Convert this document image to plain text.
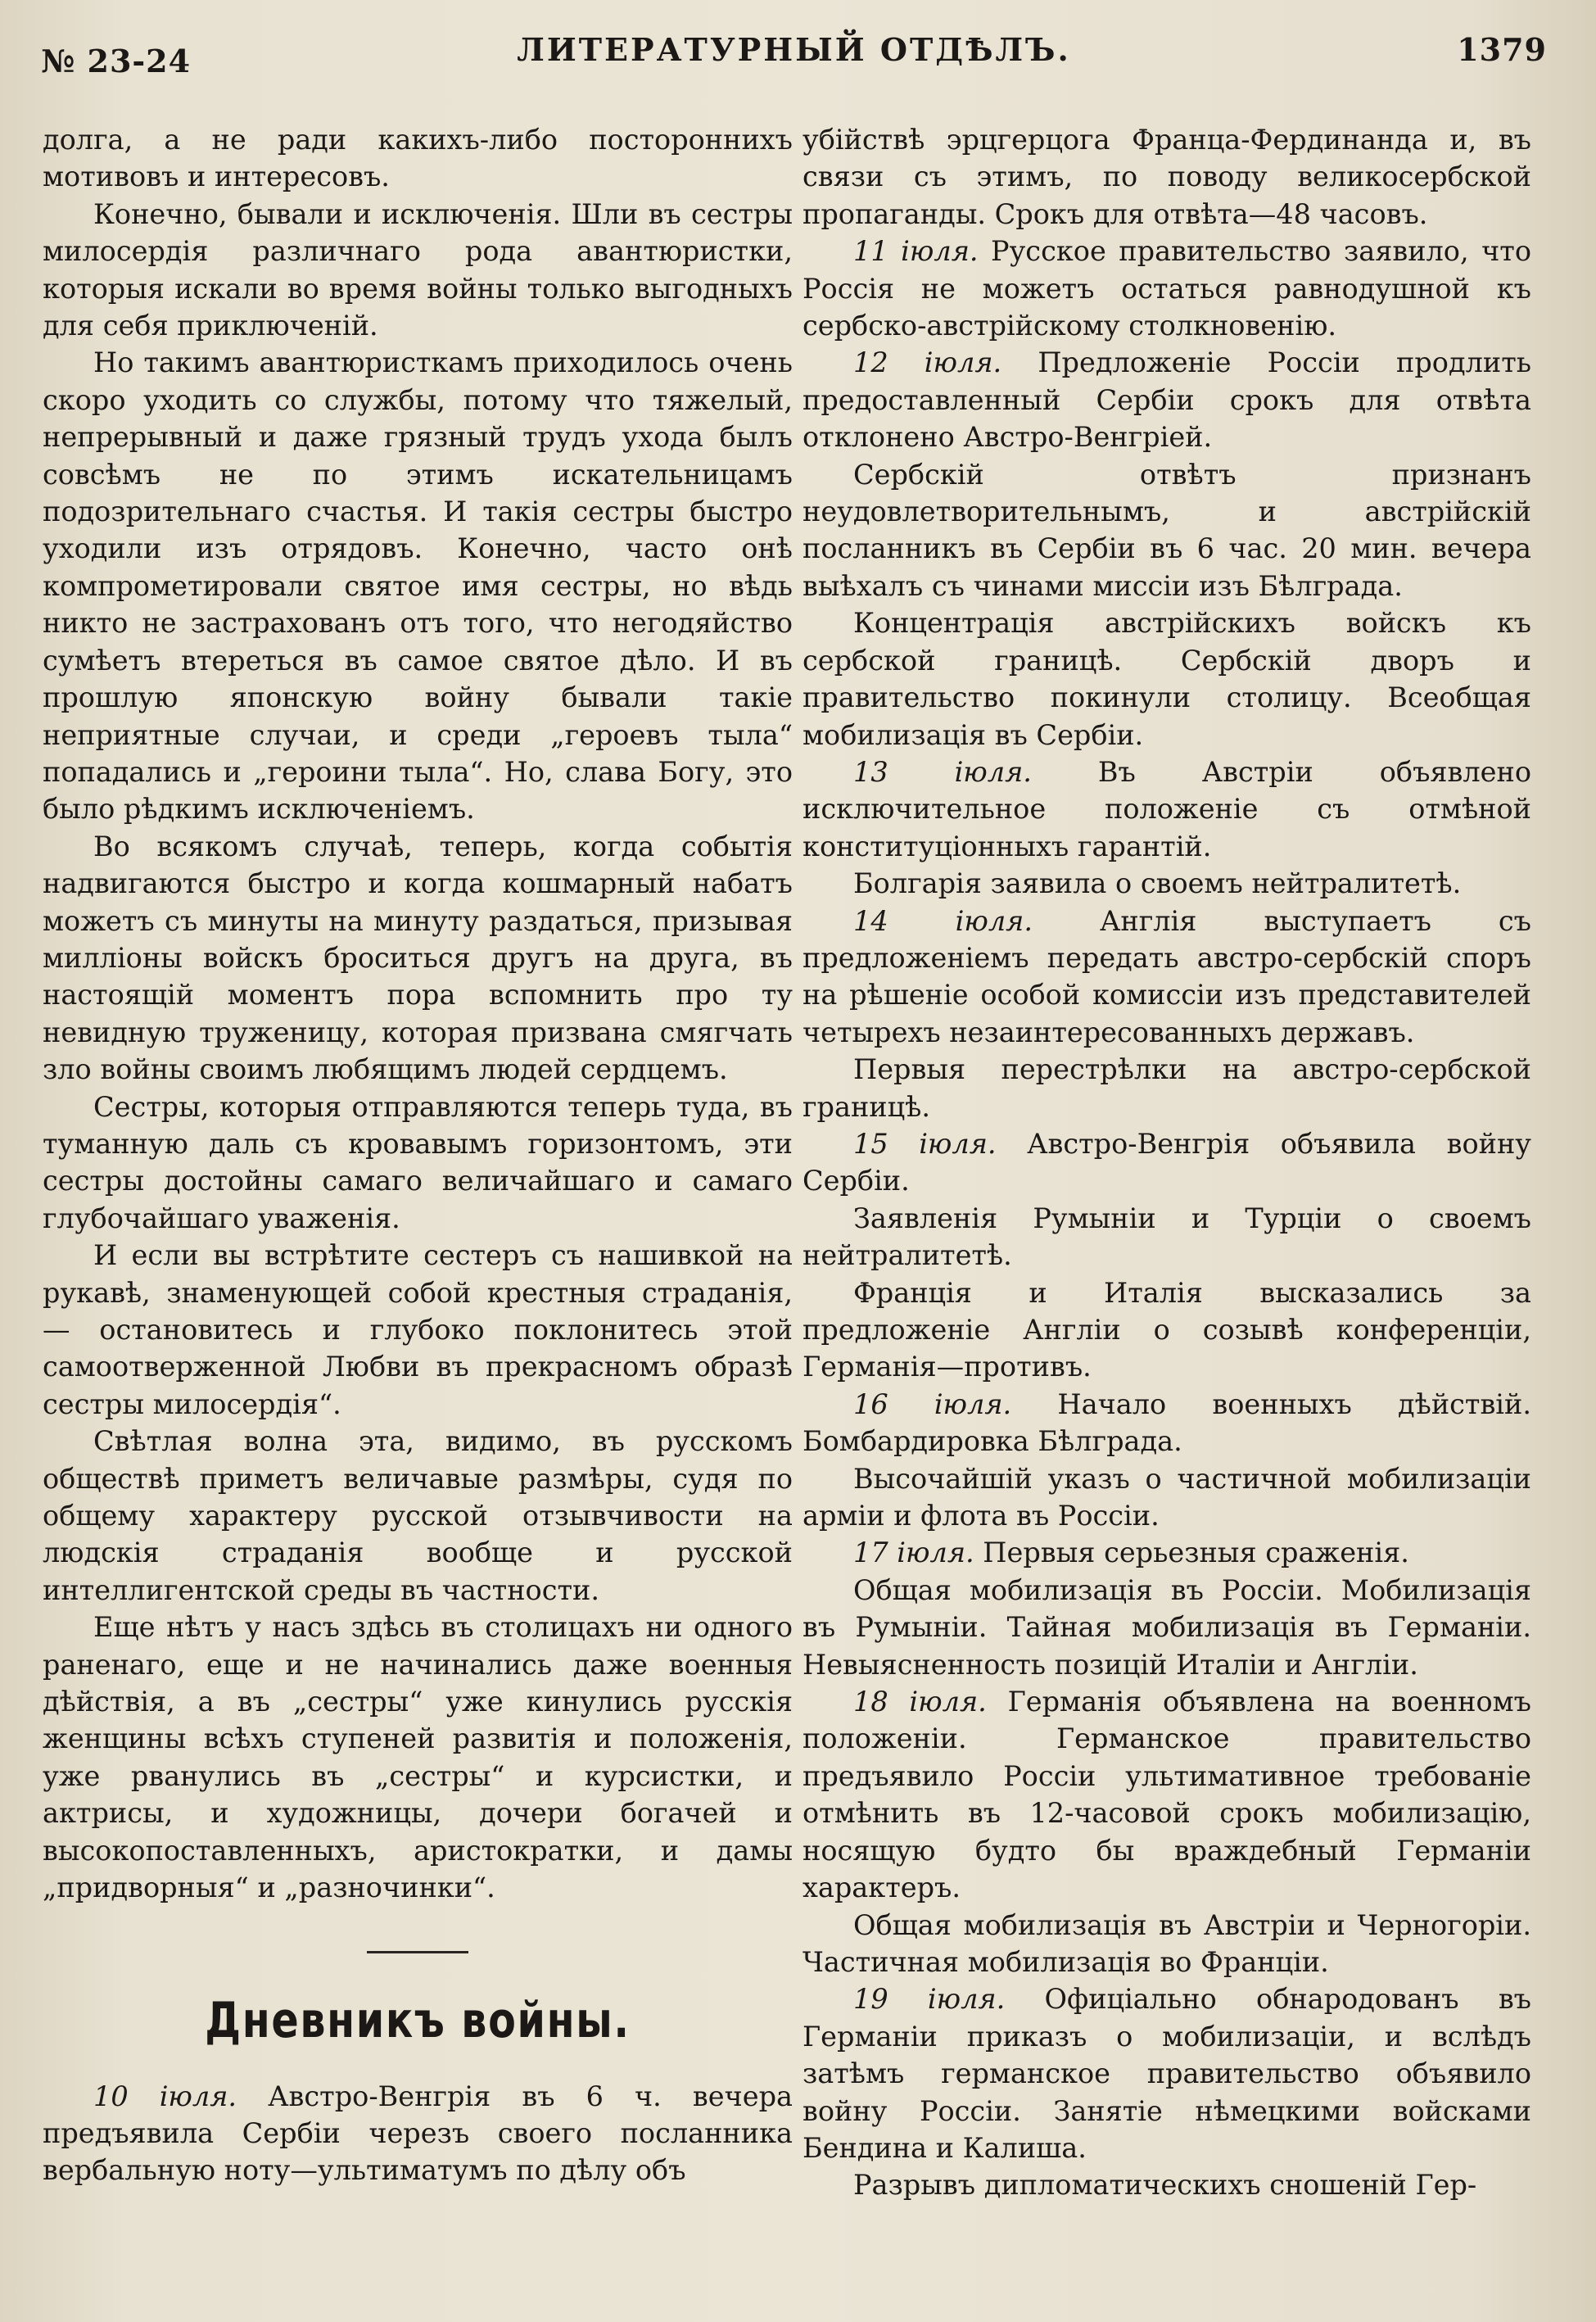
№ 23-24	ЛИТЕРАТУРНЫЙ ОТДѢЛЪ.	1379

долга, а не ради какихъ-либо постороннихъ мотивовъ и интересовъ.

Конечно, бывали и исключенія. Шли въ сестры милосердія различнаго рода авантюристки, которыя искали во время войны только выгодныхъ для себя приключеній.

Но такимъ авантюристкамъ приходилось очень скоро уходить со службы, потому что тяжелый, непрерывный и даже грязный трудъ ухода былъ совсѣмъ не по этимъ искательницамъ подозрительнаго счастья. И такія сестры быстро уходили изъ отрядовъ. Конечно, часто онѣ компрометировали святое имя сестры, но вѣдь никто не застрахованъ отъ того, что негодяйство сумѣетъ втереться въ самое святое дѣло. И въ прошлую японскую войну бывали такіе неприятные случаи, и среди „героевъ тыла“ попадались и „героини тыла“. Но, слава Богу, это было рѣдкимъ исключеніемъ.

Во всякомъ случаѣ, теперь, когда событія надвигаются быстро и когда кошмарный набатъ можетъ съ минуты на минуту раздаться, призывая милліоны войскъ броситься другъ на друга, въ настоящій моментъ пора вспомнить про ту невидную труженицу, которая призвана смягчать зло войны своимъ любящимъ людей сердцемъ.

Сестры, которыя отправляются теперь туда, въ туманную даль съ кровавымъ горизонтомъ, эти сестры достойны самаго величайшаго и самаго глубочайшаго уваженія.

И если вы встрѣтите сестеръ съ нашивкой на рукавѣ, знаменующей собой крестныя страданія, — остановитесь и глубоко поклонитесь этой самоотверженной Любви въ прекрасномъ образѣ сестры милосердія“.

Свѣтлая волна эта, видимо, въ русскомъ обществѣ приметъ величавые размѣры, судя по общему характеру русской отзывчивости на людскія страданія вообще и русской интеллигентской среды въ частности.

Еще нѣтъ у насъ здѣсь въ столицахъ ни одного раненаго, еще и не начинались даже военныя дѣйствія, а въ „сестры“ уже кинулись русскія женщины всѣхъ ступеней развитія и положенія, уже рванулись въ „сестры“ и курсистки, и актрисы, и художницы, дочери богачей и высокопоставленныхъ, аристократки, и дамы „придворныя“ и „разночинки“.

Дневникъ войны.

10 іюля. Австро-Венгрія въ 6 ч. вечера предъявила Сербіи черезъ своего посланника вербальную ноту—ультиматумъ по дѣлу объ

убійствѣ эрцгерцога Франца-Фердинанда и, въ связи съ этимъ, по поводу великосербской пропаганды. Срокъ для отвѣта—48 часовъ.

11 іюля. Русское правительство заявило, что Россія не можетъ остаться равнодушной къ сербско-австрійскому столкновенію.

12 іюля. Предложеніе Россіи продлить предоставленный Сербіи срокъ для отвѣта отклонено Австро-Венгріей.

Сербскій отвѣтъ признанъ неудовлетворительнымъ, и австрійскій посланникъ въ Сербіи въ 6 час. 20 мин. вечера выѣхалъ съ чинами миссіи изъ Бѣлграда.

Концентрація австрійскихъ войскъ къ сербской границѣ. Сербскій дворъ и правительство покинули столицу. Всеобщая мобилизація въ Сербіи.

13 іюля. Въ Австріи объявлено исключительное положеніе съ отмѣной конституціонныхъ гарантій.

Болгарія заявила о своемъ нейтралитетѣ.

14 іюля. Англія выступаетъ съ предложеніемъ передать австро-сербскій споръ на рѣшеніе особой комиссіи изъ представителей четырехъ незаинтересованныхъ державъ.

Первыя перестрѣлки на австро-сербской границѣ.

15 іюля. Австро-Венгрія объявила войну Сербіи.

Заявленія Румыніи и Турціи о своемъ нейтралитетѣ.

Франція и Италія высказались за предложеніе Англіи о созывѣ конференціи, Германія—противъ.

16 іюля. Начало военныхъ дѣйствій. Бомбардировка Бѣлграда.

Высочайшій указъ о частичной мобилизаціи арміи и флота въ Россіи.

17 іюля. Первыя серьезныя сраженія.

Общая мобилизація въ Россіи. Мобилизація въ Румыніи. Тайная мобилизація въ Германіи. Невыясненность позицій Италіи и Англіи.

18 іюля. Германія объявлена на военномъ положеніи. Германское правительство предъявило Россіи ультимативное требованіе отмѣнить въ 12-часовой срокъ мобилизацію, носящую будто бы враждебный Германіи характеръ.

Общая мобилизація въ Австріи и Черногоріи. Частичная мобилизація во Франціи.

19 іюля. Офиціально обнародованъ въ Германіи приказъ о мобилизаціи, и вслѣдъ затѣмъ германское правительство объявило войну Россіи. Занятіе нѣмецкими войсками Бендина и Калиша.

Разрывъ дипломатическихъ сношеній Гер-
